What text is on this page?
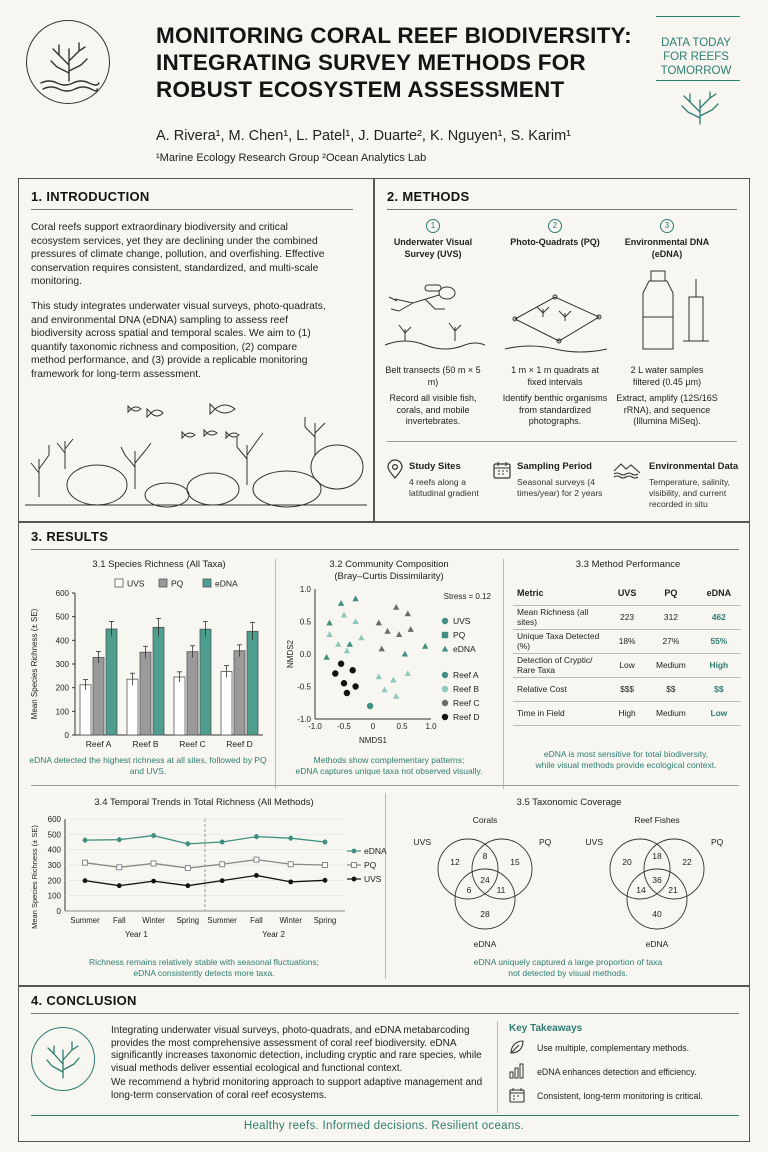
MONITORING CORAL REEF BIODIVERSITY:
INTEGRATING SURVEY METHODS FOR
ROBUST ECOSYSTEM ASSESSMENT
A. Rivera¹, M. Chen¹, L. Patel¹, J. Duarte², K. Nguyen¹, S. Karim¹
¹Marine Ecology Research Group ²Ocean Analytics Lab
DATA TODAY
FOR REEFS
TOMORROW
1. INTRODUCTION
Coral reefs support extraordinary biodiversity and critical ecosystem services, yet they are declining under the combined pressures of climate change, pollution, and overfishing. Effective conservation requires consistent, standardized, and multi-scale monitoring.
This study integrates underwater visual surveys, photo-quadrats, and environmental DNA (eDNA) sampling to assess reef biodiversity across spatial and temporal scales. We aim to (1) quantify taxonomic richness and composition, (2) compare method performance, and (3) provide a replicable monitoring framework for long-term assessment.
2. METHODS
1
Underwater Visual Survey (UVS)
Belt transects (50 m × 5 m)
Record all visible fish, corals, and mobile invertebrates.
2
Photo-Quadrats (PQ)
1 m × 1 m quadrats at fixed intervals
Identify benthic organisms from standardized photographs.
3
Environmental DNA (eDNA)
2 L water samples filtered (0.45 µm)
Extract, amplify (12S/16S rRNA), and sequence (Illumina MiSeq).
Study Sites
4 reefs along a latitudinal gradient
Sampling Period
Seasonal surveys (4 times/year) for 2 years
Environmental Data
Temperature, salinity, visibility, and current recorded in situ
3. RESULTS
3.1 Species Richness (All Taxa)
0
100
200
300
400
500
600
Mean Species Richness (± SE)
Reef A Reef B Reef C Reef D
UVS	PQ	eDNA
eDNA detected the highest richness at all sites, followed by PQ and UVS.
3.2 Community Composition
(Bray–Curtis Dissimilarity)
-1.0
-0.5
0.0
0.5
1.0
-1.0 -0.5 0	0.5 1.0
NMDS1
NMDS2
Stress = 0.12
UVS
PQ
eDNA
Reef A
Reef B
Reef C
Reef D
Methods show complementary patterns;
eDNA captures unique taxa not observed visually.
3.3 Method Performance
Metric	UVS	PQ	eDNA
Mean Richness (all sites)	223	312	462
Unique Taxa Detected (%)	18%	27%	55%
Detection of Cryptic/ Rare Taxa	Low	Medium	High
Relative Cost	$$$	$$	$$
Time in Field	High	Medium	Low
eDNA is most sensitive for total biodiversity,
while visual methods provide ecological context.
3.4 Temporal Trends in Total Richness (All Methods)
0
100
200
300
400
500
600
Mean Species Richness (± SE)	Summer Fall Winter Spring Summer Fall Winter Spring
Year 1	Year 2
eDNA
PQ
UVS
Richness remains relatively stable with seasonal fluctuations;
eDNA consistently detects more taxa.
3.5 Taxonomic Coverage
Corals
UVS	PQ
eDNA
12
8
15
24
6	11
28
Reef Fishes
UVS	PQ
eDNA
20
18
22
36
14	21
40
eDNA uniquely captured a large proportion of taxa
not detected by visual methods.
4. CONCLUSION
Integrating underwater visual surveys, photo-quadrats, and eDNA metabarcoding provides the most comprehensive assessment of coral reef biodiversity. eDNA significantly increases taxonomic detection, including cryptic and rare species, while visual methods deliver essential ecological and functional context.
We recommend a hybrid monitoring approach to support adaptive management and long-term conservation of coral reef ecosystems.
Key Takeaways
Use multiple, complementary methods.
eDNA enhances detection and efficiency.
Consistent, long-term monitoring is critical.
Healthy reefs. Informed decisions. Resilient oceans.
